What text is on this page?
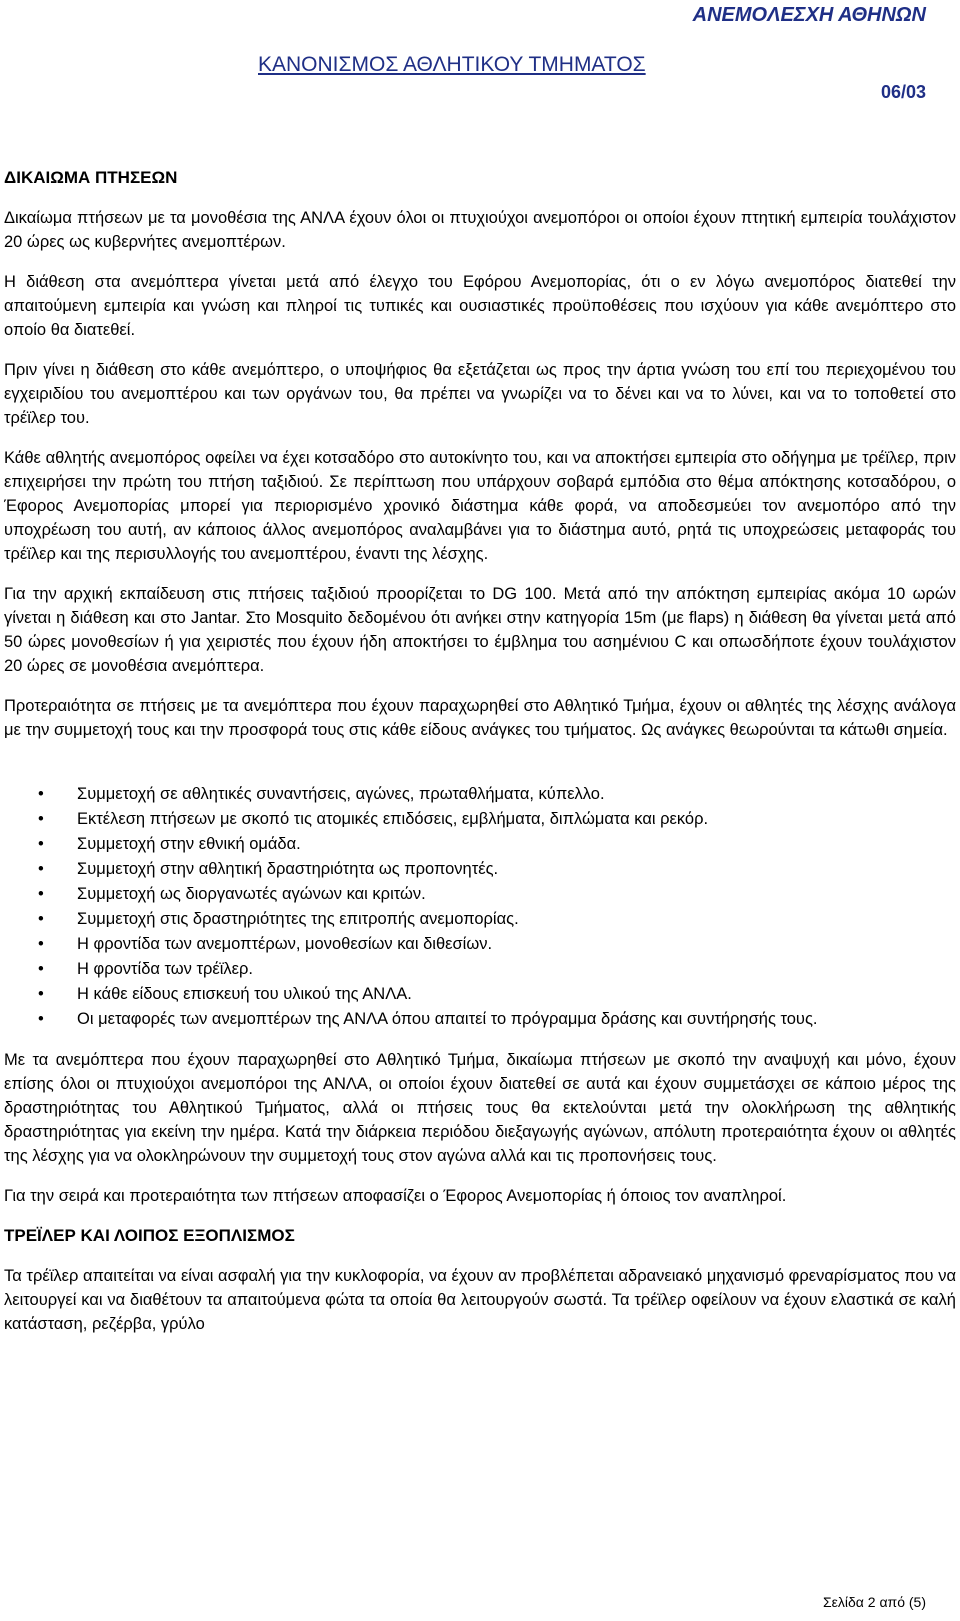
ΑΝΕΜΟΛΕΣΧΗ ΑΘΗΝΩΝ
ΚΑΝΟΝΙΣΜΟΣ ΑΘΛΗΤΙΚΟΥ ΤΜΗΜΑΤΟΣ
06/03
ΔΙΚΑΙΩΜΑ ΠΤΗΣΕΩΝ

Δικαίωμα πτήσεων με τα μονοθέσια της ΑΝΛΑ έχουν όλοι οι πτυχιούχοι ανεμοπόροι οι οποίοι έχουν πτητική εμπειρία τουλάχιστον 20 ώρες ως κυβερνήτες ανεμοπτέρων.

Η διάθεση στα ανεμόπτερα γίνεται μετά από έλεγχο του Εφόρου Ανεμοπορίας, ότι ο εν λόγω ανεμοπόρος διατεθεί την απαιτούμενη εμπειρία και γνώση και πληροί τις τυπικές και ουσιαστικές προϋποθέσεις που ισχύουν για κάθε ανεμόπτερο στο οποίο θα διατεθεί.

Πριν γίνει η διάθεση στο κάθε ανεμόπτερο, ο υποψήφιος θα εξετάζεται ως προς την άρτια γνώση του επί του περιεχομένου του εγχειριδίου του ανεμοπτέρου και των οργάνων του, θα πρέπει να γνωρίζει να το δένει και να το λύνει, και να το τοποθετεί στο τρέϊλερ του.

Κάθε αθλητής ανεμοπόρος οφείλει να έχει κοτσαδόρο στο αυτοκίνητο του, και να αποκτήσει εμπειρία στο οδήγημα με τρέϊλερ, πριν επιχειρήσει την πρώτη του πτήση ταξιδιού. Σε περίπτωση που υπάρχουν σοβαρά εμπόδια στο θέμα απόκτησης κοτσαδόρου, ο Έφορος Ανεμοπορίας μπορεί για περιορισμένο χρονικό διάστημα κάθε φορά, να αποδεσμεύει τον ανεμοπόρο από την υποχρέωση του αυτή, αν κάποιος άλλος ανεμοπόρος αναλαμβάνει για το διάστημα αυτό, ρητά τις υποχρεώσεις μεταφοράς του τρέϊλερ και της περισυλλογής του ανεμοπτέρου, έναντι της λέσχης.

Για την αρχική εκπαίδευση στις πτήσεις ταξιδιού προορίζεται το DG 100. Μετά από την απόκτηση εμπειρίας ακόμα 10 ωρών γίνεται η διάθεση και στο Jantar. Στο Mosquito δεδομένου ότι ανήκει στην κατηγορία 15m (με flaps) η διάθεση θα γίνεται μετά από 50 ώρες μονοθεσίων ή για χειριστές που έχουν ήδη αποκτήσει το έμβλημα του ασημένιου C και οπωσδήποτε έχουν τουλάχιστον 20 ώρες σε μονοθέσια ανεμόπτερα.

Προτεραιότητα σε πτήσεις με τα ανεμόπτερα που έχουν παραχωρηθεί στο Αθλητικό Τμήμα, έχουν οι αθλητές της λέσχης ανάλογα με την συμμετοχή τους και την προσφορά τους στις κάθε είδους ανάγκες του τμήματος. Ως ανάγκες θεωρούνται τα κάτωθι σημεία.

• Συμμετοχή σε αθλητικές συναντήσεις, αγώνες, πρωταθλήματα, κύπελλο.
• Εκτέλεση πτήσεων με σκοπό τις ατομικές επιδόσεις, εμβλήματα, διπλώματα και ρεκόρ.
• Συμμετοχή στην εθνική ομάδα.
• Συμμετοχή στην αθλητική δραστηριότητα ως προπονητές.
• Συμμετοχή ως διοργανωτές αγώνων και κριτών.
• Συμμετοχή στις δραστηριότητες της επιτροπής ανεμοπορίας.
• Η φροντίδα των ανεμοπτέρων, μονοθεσίων και διθεσίων.
• Η φροντίδα των τρέϊλερ.
• Η κάθε είδους επισκευή του υλικού της ΑΝΛΑ.
• Οι μεταφορές των ανεμοπτέρων της ΑΝΛΑ όπου απαιτεί το πρόγραμμα δράσης και συντήρησής τους.

Με τα ανεμόπτερα που έχουν παραχωρηθεί στο Αθλητικό Τμήμα, δικαίωμα πτήσεων με σκοπό την αναψυχή και μόνο, έχουν επίσης όλοι οι πτυχιούχοι ανεμοπόροι της ΑΝΛΑ, οι οποίοι έχουν διατεθεί σε αυτά και έχουν συμμετάσχει σε κάποιο μέρος της δραστηριότητας του Αθλητικού Τμήματος, αλλά οι πτήσεις τους θα εκτελούνται μετά την ολοκλήρωση της αθλητικής δραστηριότητας για εκείνη την ημέρα. Κατά την διάρκεια περιόδου διεξαγωγής αγώνων, απόλυτη προτεραιότητα έχουν οι αθλητές της λέσχης για να ολοκληρώνουν την συμμετοχή τους στον αγώνα αλλά και τις προπονήσεις τους.

Για την σειρά και προτεραιότητα των πτήσεων αποφασίζει ο Έφορος Ανεμοπορίας ή όποιος τον αναπληροί.

ΤΡΕΪΛΕΡ ΚΑΙ ΛΟΙΠΟΣ ΕΞΟΠΛΙΣΜΟΣ

Τα τρέϊλερ απαιτείται να είναι ασφαλή για την κυκλοφορία, να έχουν αν προβλέπεται αδρανειακό μηχανισμό φρεναρίσματος που να λειτουργεί και να διαθέτουν τα απαιτούμενα φώτα τα οποία θα λειτουργούν σωστά. Τα τρέϊλερ οφείλουν να έχουν ελαστικά σε καλή κατάσταση, ρεζέρβα, γρύλο

Σελίδα 2 από (5)
